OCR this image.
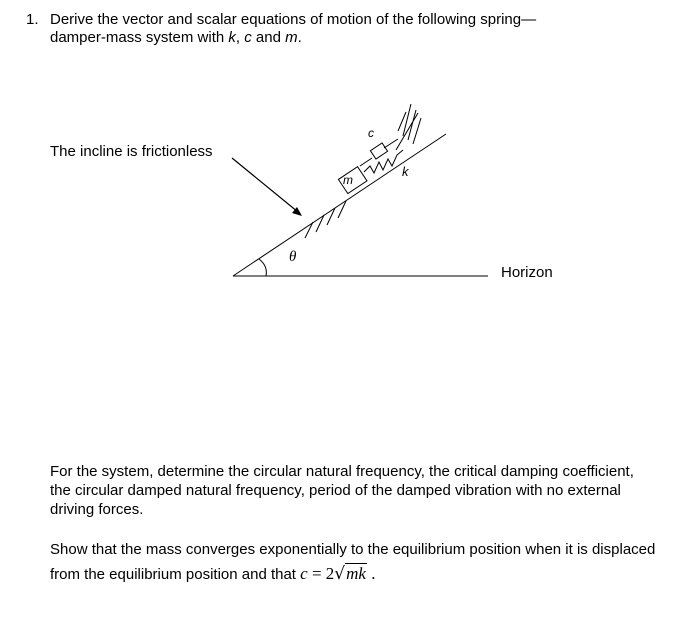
1. Derive the vector and scalar equations of motion of the following spring—
damper-mass system with k, c and m.
The incline is frictionless
θ
Horizon
c
k
m
For the system, determine the circular natural frequency, the critical damping coefficient, the circular damped natural frequency, period of the damped vibration with no external driving forces.
Show that the mass converges exponentially to the equilibrium position when it is displaced from the equilibrium position and that c = 2√mk .
